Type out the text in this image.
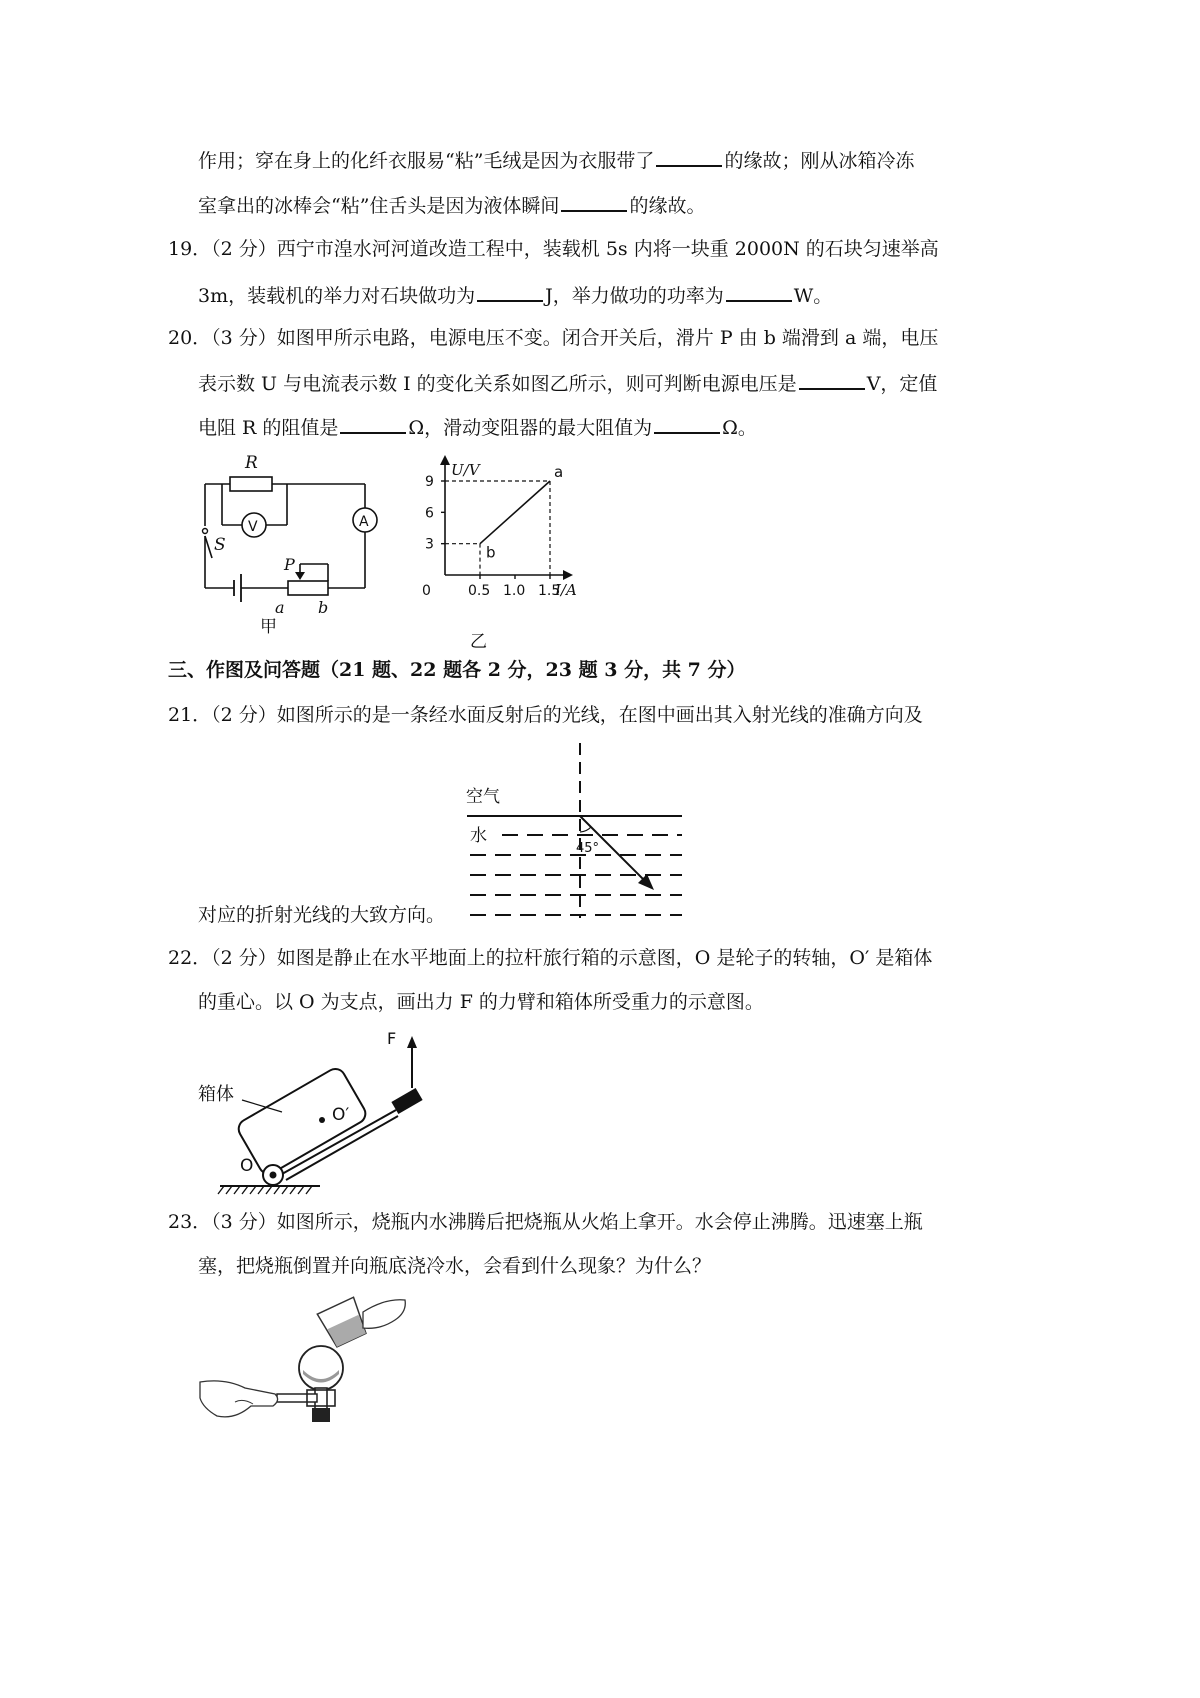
作用；穿在身上的化纤衣服易“粘”毛绒是因为衣服带了	的缘故；刚从冰箱冷冻
室拿出的冰棒会“粘”住舌头是因为液体瞬间	的缘故。
19．（2 分）西宁市湟水河河道改造工程中，装载机 5s 内将一块重 2000N 的石块匀速举高
3m，装载机的举力对石块做功为	J，举力做功的功率为	W。
20．（3 分）如图甲所示电路，电源电压不变。闭合开关后，滑片 P 由 b 端滑到 a 端，电压
表示数 U 与电流表示数 I 的变化关系如图乙所示，则可判断电源电压是	V，定值
电阻 R 的阻值是	Ω，滑动变阻器的最大阻值为	Ω。
R
V	A
S
P
a b
甲
U/V
I/A
0
3
6
9
0.5 1.0 1.5
b
a
乙
三、作图及问答题（21 题、22 题各 2 分，23 题 3 分，共 7 分）
21．（2 分）如图所示的是一条经水面反射后的光线，在图中画出其入射光线的准确方向及
空气
水
45°
对应的折射光线的大致方向。
22．（2 分）如图是静止在水平地面上的拉杆旅行箱的示意图，O 是轮子的转轴，O′ 是箱体
的重心。以 O 为支点，画出力 F 的力臂和箱体所受重力的示意图。
箱体
O
O′
F
23．（3 分）如图所示，烧瓶内水沸腾后把烧瓶从火焰上拿开。水会停止沸腾。迅速塞上瓶
塞，把烧瓶倒置并向瓶底浇冷水，会看到什么现象？为什么？
